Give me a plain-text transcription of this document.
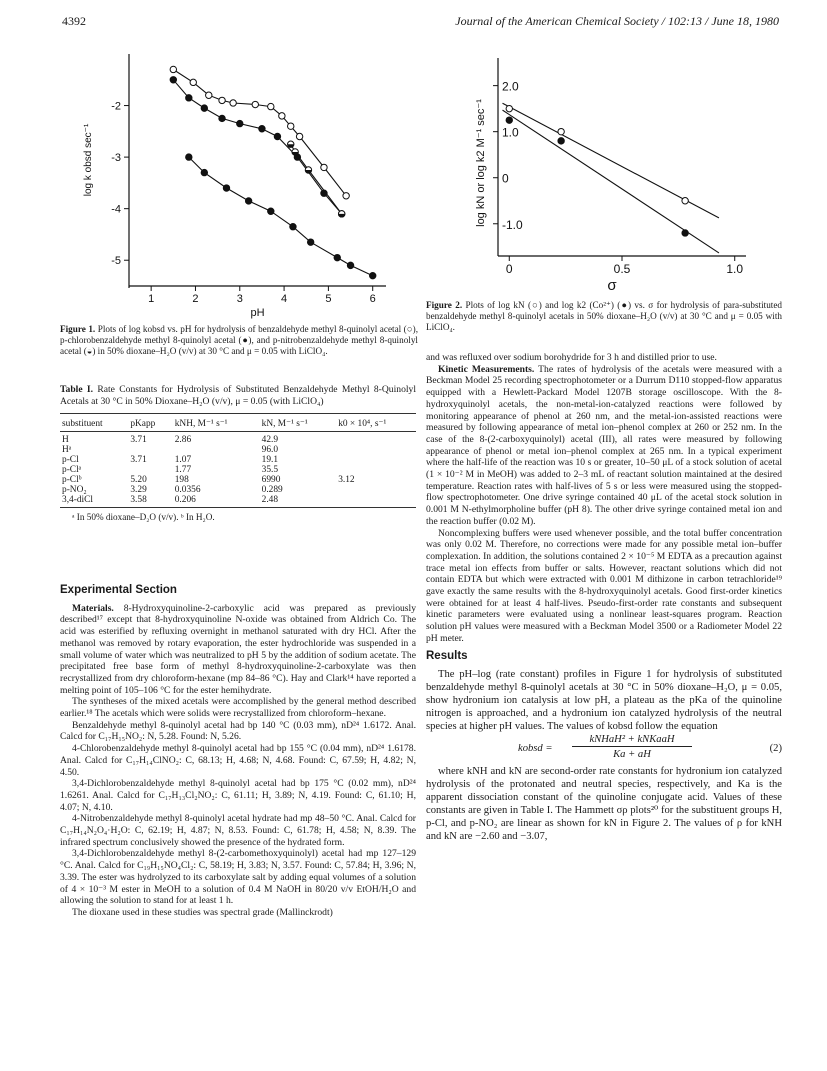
4392	Journal of the American Chemical Society / 102:13 / June 18, 1980
-2
-3
-4
-5
1	2	3	4	5	6
pH
log k obsd sec⁻¹
Figure 1. Plots of log kobsd vs. pH for hydrolysis of benzaldehyde methyl 8-quinolyl acetal (○), p-chlorobenzaldehyde methyl 8-quinolyl acetal (●), and p-nitrobenzaldehyde methyl 8-quinolyl acetal (◒) in 50% dioxane–H₂O (v/v) at 30 °C and μ = 0.05 with LiClO₄.
Table I. Rate Constants for Hydrolysis of Substituted Benzaldehyde Methyl 8-Quinolyl Acetals at 30 °C in 50% Dioxane–H₂O (v/v), μ = 0.05 (with LiClO₄)
substituent	pKapp	kNH, M⁻¹ s⁻¹	kN, M⁻¹ s⁻¹	k0 × 10⁴, s⁻¹
H	3.71	2.86	42.9	
Hᵃ			96.0	
p-Cl	3.71	1.07	19.1	
p-Clᵃ		1.77	35.5	
p-Clᵇ	5.20	198	6990	3.12
p-NO₂	3.29	0.0356	0.289	
3,4-diCl	3.58	0.206	2.48	
ᵃ In 50% dioxane–D₂O (v/v). ᵇ In H₂O.
Experimental Section

Materials. 8-Hydroxyquinoline-2-carboxylic acid was prepared as previously described¹⁷ except that 8-hydroxyquinoline N-oxide was obtained from Aldrich Co. The acid was esterified by refluxing overnight in methanol saturated with dry HCl. After the methanol was removed by rotary evaporation, the ester hydrochloride was suspended in a small volume of water which was neutralized to pH 5 by the addition of sodium acetate. The precipitated free base form of methyl 8-hydroxyquinoline-2-carboxylate was then recrystallized from dry chloroform-hexane (mp 84–86 °C). Hay and Clark¹⁴ have reported a melting point of 105–106 °C for the ester hemihydrate.

The syntheses of the mixed acetals were accomplished by the general method described earlier.¹⁸ The acetals which were solids were recrystallized from chloroform–hexane.

Benzaldehyde methyl 8-quinolyl acetal had bp 140 °C (0.03 mm), nD²⁴ 1.6172. Anal. Calcd for C₁₇H₁₅NO₂: N, 5.28. Found: N, 5.26.

4-Chlorobenzaldehyde methyl 8-quinolyl acetal had bp 155 °C (0.04 mm), nD²⁴ 1.6178. Anal. Calcd for C₁₇H₁₄ClNO₂: C, 68.13; H, 4.68; N, 4.68. Found: C, 67.59; H, 4.82; N, 4.50.

3,4-Dichlorobenzaldehyde methyl 8-quinolyl acetal had bp 175 °C (0.02 mm), nD²⁴ 1.6261. Anal. Calcd for C₁₇H₁₃Cl₂NO₂: C, 61.11; H, 3.89; N, 4.19. Found: C, 61.10; H, 4.07; N, 4.10.

4-Nitrobenzaldehyde methyl 8-quinolyl acetal hydrate had mp 48–50 °C. Anal. Calcd for C₁₇H₁₄N₂O₄·H₂O: C, 62.19; H, 4.87; N, 8.53. Found: C, 61.78; H, 4.58; N, 8.39. The infrared spectrum conclusively showed the presence of the hydrated form.

3,4-Dichlorobenzaldehyde methyl 8-(2-carbomethoxyquinolyl) acetal had mp 127–129 °C. Anal. Calcd for C₁₉H₁₅NO₄Cl₂: C, 58.19; H, 3.83; N, 3.57. Found: C, 57.84; H, 3.96; N, 3.39. The ester was hydrolyzed to its carboxylate salt by adding equal volumes of a solution of 4 × 10⁻³ M ester in MeOH to a solution of 0.4 M NaOH in 80/20 v/v EtOH/H₂O and allowing the solution to stand for at least 1 h.

The dioxane used in these studies was spectral grade (Mallinckrodt)

2.0
1.0
0
-1.0
0	0.5	1.0
σ
log kN or log k2 M⁻¹ sec⁻¹
Figure 2. Plots of log kN (○) and log k2 (Co²⁺) (●) vs. σ for hydrolysis of para-substituted benzaldehyde methyl 8-quinolyl acetals in 50% dioxane–H₂O (v/v) at 30 °C and μ = 0.05 with LiClO₄.

and was refluxed over sodium borohydride for 3 h and distilled prior to use.

Kinetic Measurements. The rates of hydrolysis of the acetals were measured with a Beckman Model 25 recording spectrophotometer or a Durrum D110 stopped-flow apparatus equipped with a Hewlett-Packard Model 1207B storage oscilloscope. With the 8-hydroxyquinolyl acetals, the non-metal-ion-catalyzed reactions were followed by monitoring appearance of phenol at 260 nm, and the metal-ion-assisted reactions were measured by following appearance of metal ion–phenol complex at 260 or 252 nm. In the case of the 8-(2-carboxyquinolyl) acetal (III), all rates were measured by following appearance of phenol or metal ion–phenol complex at 265 nm. In a typical experiment where the half-life of the reaction was 10 s or greater, 10–50 μL of a stock solution of acetal (1 × 10⁻² M in MeOH) was added to 2–3 mL of reactant solution maintained at the desired temperature. Reaction rates with half-lives of 5 s or less were measured using the stopped-flow spectrophotometer. One drive syringe contained 40 μL of the acetal stock solution in 0.001 M N-ethylmorpholine buffer (pH 8). The other drive syringe contained metal ion and the reaction buffer (0.02 M).

Noncomplexing buffers were used whenever possible, and the total buffer concentration was only 0.02 M. Therefore, no corrections were made for any possible metal ion–buffer complexation. In addition, the solutions contained 2 × 10⁻⁵ M EDTA as a precaution against trace metal ion effects from buffer or salts. However, reactant solutions which did not contain EDTA but which were extracted with 0.001 M dithizone in carbon tetrachloride¹⁹ gave exactly the same results with the 8-hydroxyquinolyl acetals. Good first-order kinetics were obtained for at least 4 half-lives. Pseudo-first-order rate constants and subsequent kinetic parameters were evaluated using a nonlinear least-squares program. Reaction solution pH values were measured with a Beckman Model 3500 or a Radiometer Model 22 pH meter.

Results

The pH–log (rate constant) profiles in Figure 1 for hydrolysis of substituted benzaldehyde methyl 8-quinolyl acetals at 30 °C in 50% dioxane–H₂O, μ = 0.05, show hydronium ion catalysis at low pH, a plateau as the pKa of the quinoline nitrogen is approached, and a hydronium ion catalyzed hydrolysis of the neutral species at higher pH values. The values of kobsd follow the equation

kobsd =
kNHaH² + kNKaaH
Ka + aH
(2)

where kNH and kN are second-order rate constants for hydronium ion catalyzed hydrolysis of the protonated and neutral species, respectively, and Ka is the apparent dissociation constant of the quinoline conjugate acid. Values of these constants are given in Table I. The Hammett σρ plots²⁰ for the substituent groups H, p-Cl, and p-NO₂ are linear as shown for kN in Figure 2. The values of ρ for kNH and kN are −2.60 and −3.07,
